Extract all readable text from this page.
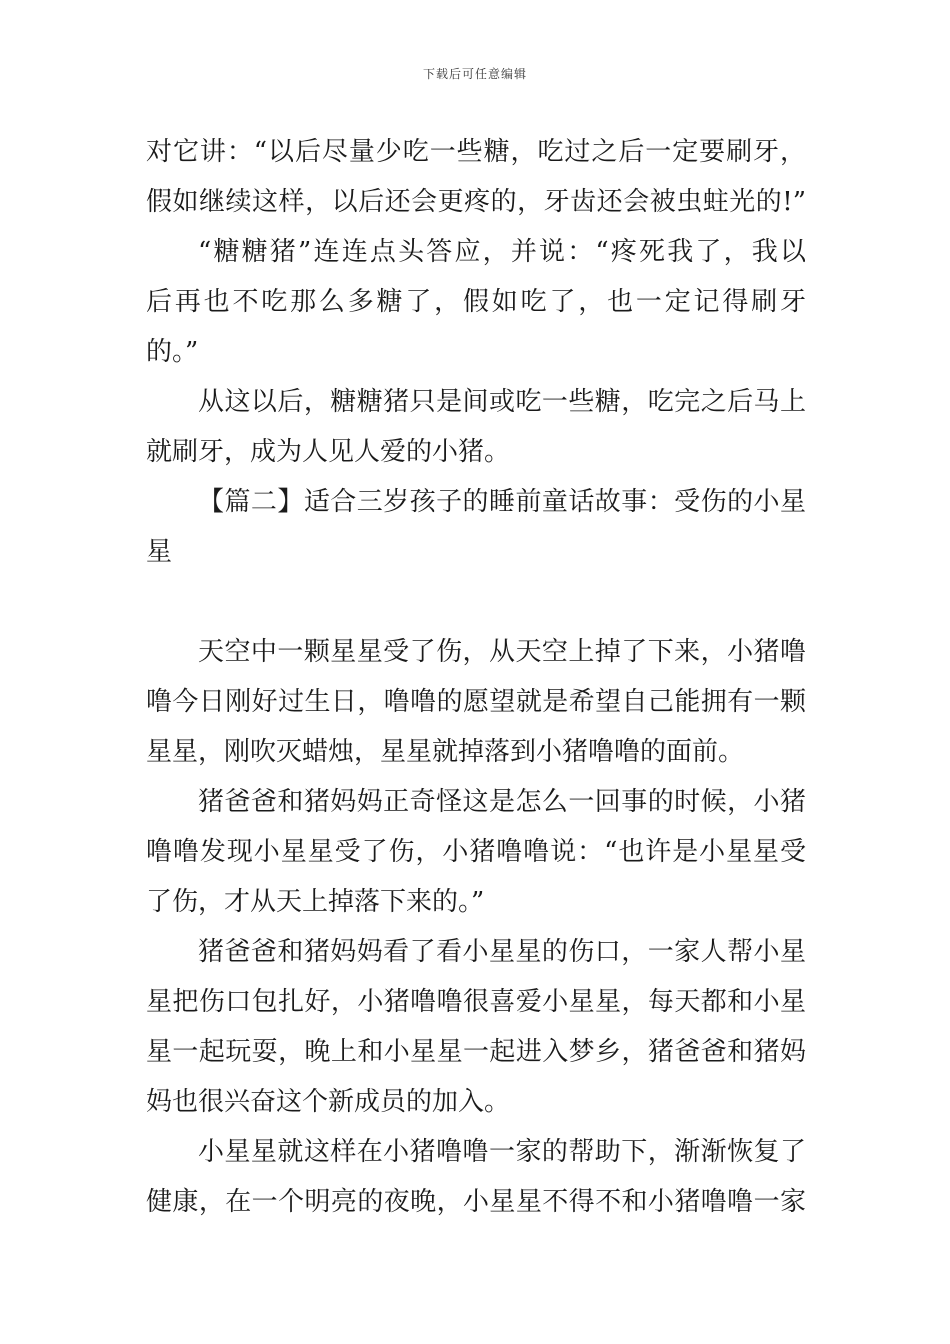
下载后可任意编辑
对它讲：“以后尽量少吃一些糖，吃过之后一定要刷牙，
假如继续这样，以后还会更疼的，牙齿还会被虫蛀光的!”
“糖糖猪”连连点头答应，并说：“疼死我了，我以
后再也不吃那么多糖了，假如吃了，也一定记得刷牙
的。”
从这以后，糖糖猪只是间或吃一些糖，吃完之后马上
就刷牙，成为人见人爱的小猪。
【篇二】适合三岁孩子的睡前童话故事：受伤的小星
星
天空中一颗星星受了伤，从天空上掉了下来，小猪噜
噜今日刚好过生日，噜噜的愿望就是希望自己能拥有一颗
星星，刚吹灭蜡烛，星星就掉落到小猪噜噜的面前。
猪爸爸和猪妈妈正奇怪这是怎么一回事的时候，小猪
噜噜发现小星星受了伤，小猪噜噜说：“也许是小星星受
了伤，才从天上掉落下来的。”
猪爸爸和猪妈妈看了看小星星的伤口，一家人帮小星
星把伤口包扎好，小猪噜噜很喜爱小星星，每天都和小星
星一起玩耍，晚上和小星星一起进入梦乡，猪爸爸和猪妈
妈也很兴奋这个新成员的加入。
小星星就这样在小猪噜噜一家的帮助下，渐渐恢复了
健康，在一个明亮的夜晚，小星星不得不和小猪噜噜一家
